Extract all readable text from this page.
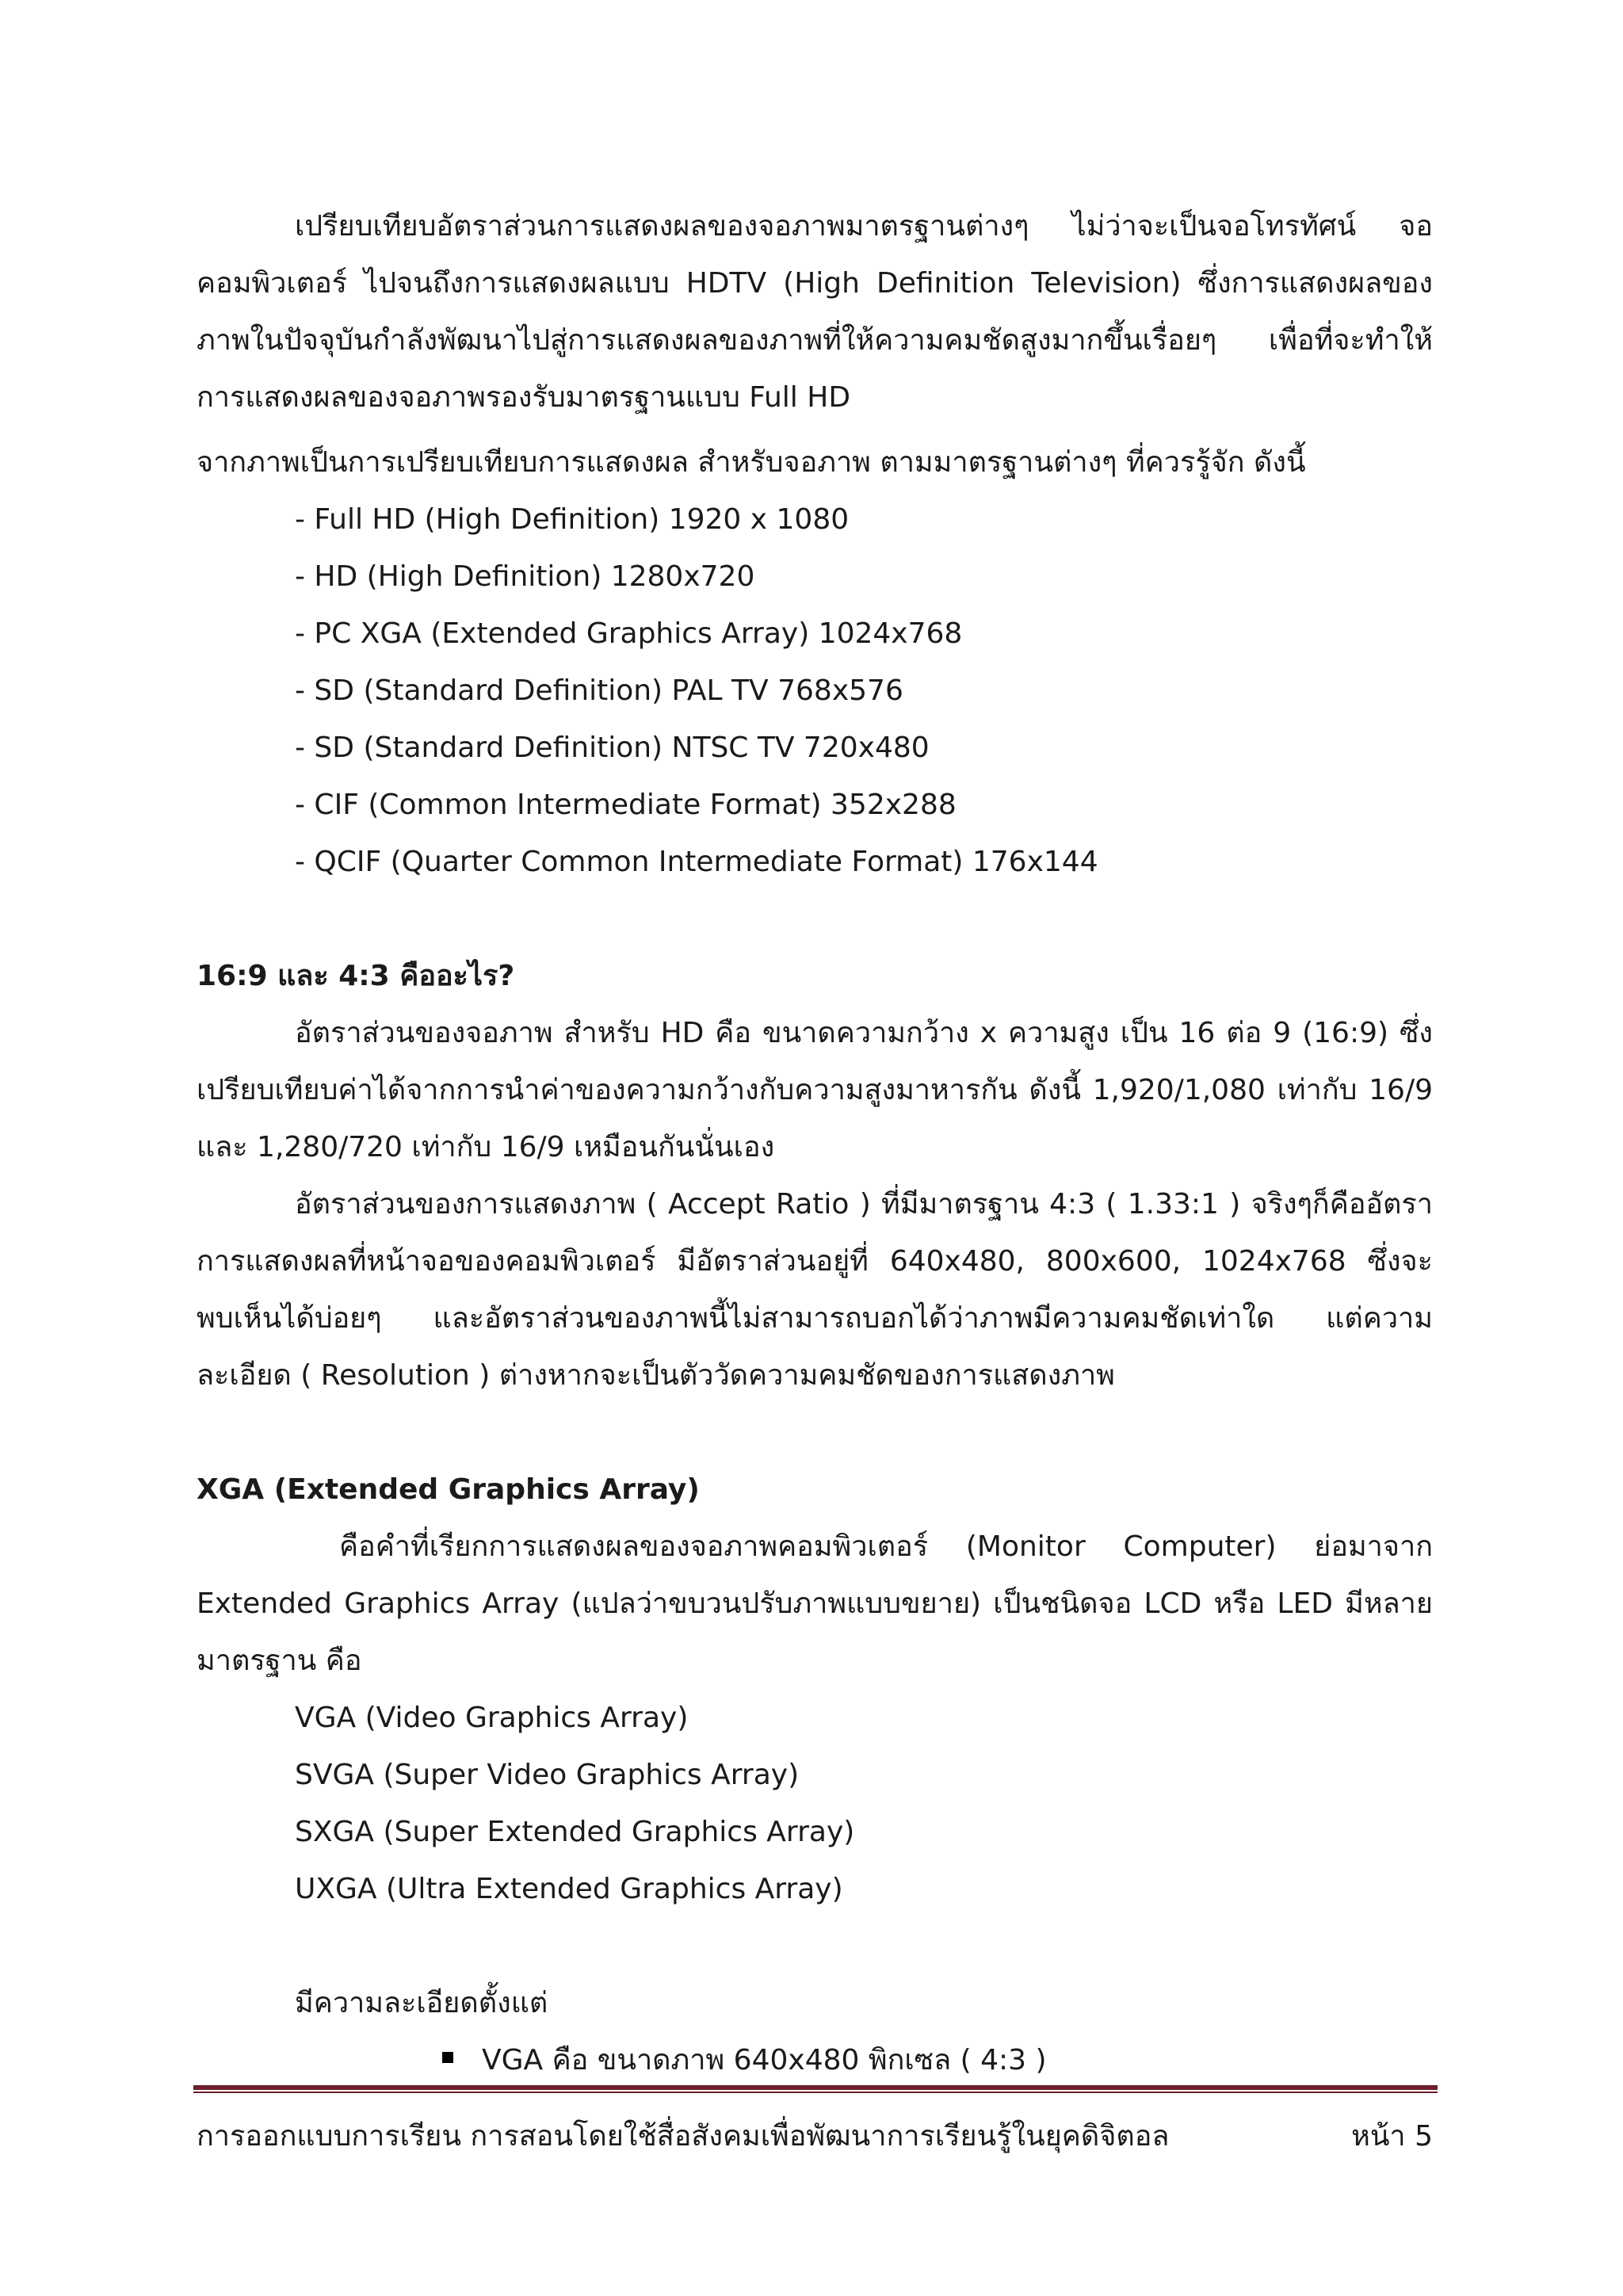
เปรียบเทียบอัตราส่วนการแสดงผลของจอภาพมาตรฐานต่างๆ ไม่ว่าจะเป็นจอโทรทัศน์ จอคอมพิวเตอร์ ไปจนถึงการแสดงผลแบบ HDTV (High Definition Television) ซึ่งการแสดงผลของภาพในปัจจุบันกำลังพัฒนาไปสู่การแสดงผลของภาพที่ให้ความคมชัดสูงมากขึ้นเรื่อยๆ เพื่อที่จะทำให้การแสดงผลของจอภาพรองรับมาตรฐานแบบ Full HD

จากภาพเป็นการเปรียบเทียบการแสดงผล สำหรับจอภาพ ตามมาตรฐานต่างๆ ที่ควรรู้จัก ดังนี้

- Full HD (High Definition) 1920 x 1080
- HD (High Definition) 1280x720
- PC XGA (Extended Graphics Array) 1024x768
- SD (Standard Definition) PAL TV 768x576
- SD (Standard Definition) NTSC TV 720x480
- CIF (Common Intermediate Format) 352x288
- QCIF (Quarter Common Intermediate Format) 176x144

16:9 และ 4:3 คืออะไร?

อัตราส่วนของจอภาพ สำหรับ HD คือ ขนาดความกว้าง x ความสูง เป็น 16 ต่อ 9 (16:9) ซึ่งเปรียบเทียบค่าได้จากการนำค่าของความกว้างกับความสูงมาหารกัน ดังนี้ 1,920/1,080 เท่ากับ 16/9 และ 1,280/720 เท่ากับ 16/9 เหมือนกันนั่นเอง

อัตราส่วนของการแสดงภาพ ( Accept Ratio ) ที่มีมาตรฐาน 4:3 ( 1.33:1 ) จริงๆก็คืออัตราการแสดงผลที่หน้าจอของคอมพิวเตอร์ มีอัตราส่วนอยู่ที่ 640x480, 800x600, 1024x768 ซึ่งจะพบเห็นได้บ่อยๆ และอัตราส่วนของภาพนี้ไม่สามารถบอกได้ว่าภาพมีความคมชัดเท่าใด แต่ความละเอียด ( Resolution ) ต่างหากจะเป็นตัววัดความคมชัดของการแสดงภาพ

XGA (Extended Graphics Array)

คือคำที่เรียกการแสดงผลของจอภาพคอมพิวเตอร์ (Monitor Computer) ย่อมาจาก Extended Graphics Array (แปลว่าขบวนปรับภาพแบบขยาย) เป็นชนิดจอ LCD หรือ LED มีหลายมาตรฐาน คือ

VGA (Video Graphics Array)
SVGA (Super Video Graphics Array)
SXGA (Super Extended Graphics Array)
UXGA (Ultra Extended Graphics Array)

มีความละเอียดตั้งแต่

VGA คือ ขนาดภาพ 640x480 พิกเซล ( 4:3 )

การออกแบบการเรียน การสอนโดยใช้สื่อสังคมเพื่อพัฒนาการเรียนรู้ในยุคดิจิตอล	หน้า 5
